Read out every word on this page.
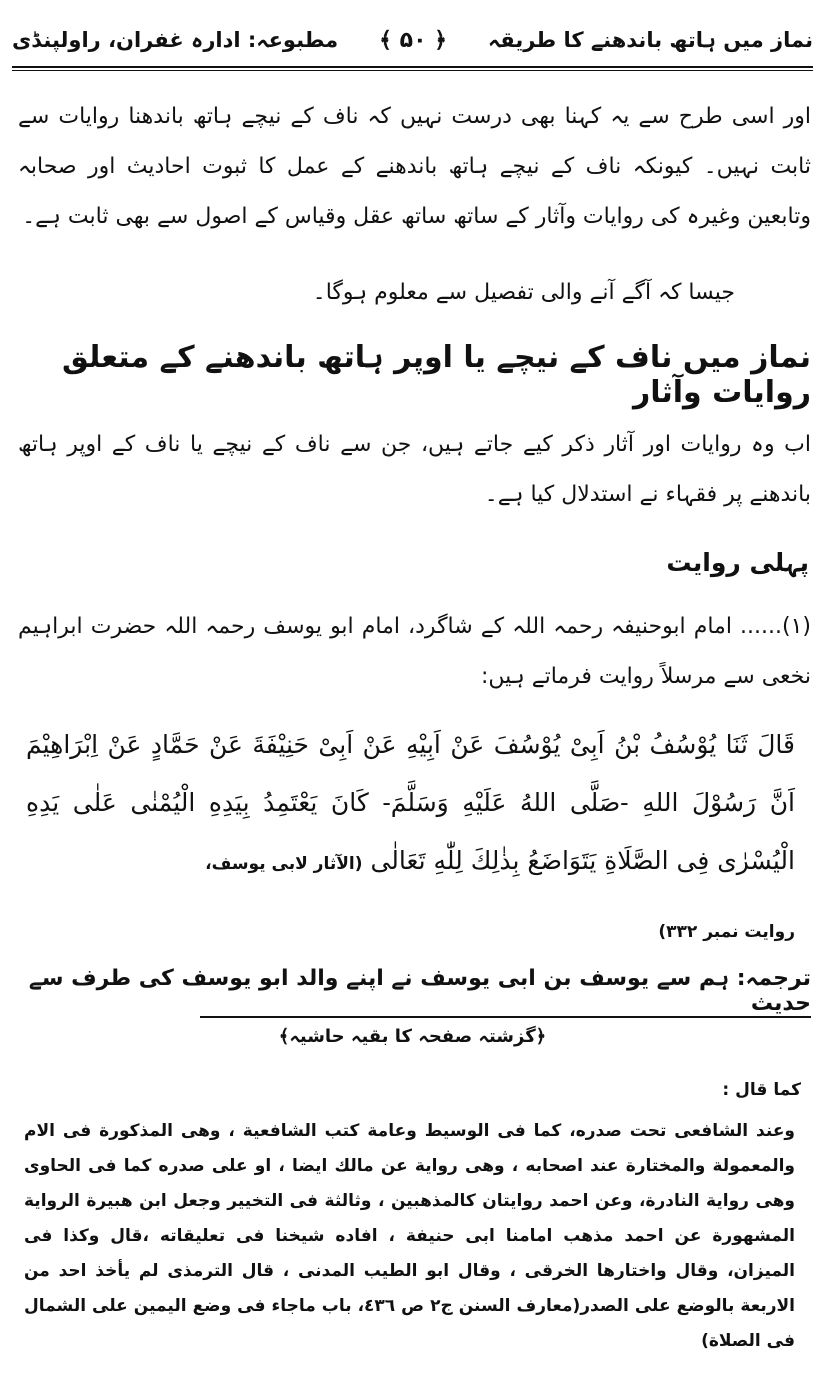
نماز میں ہاتھ باندھنے کا طریقہ
﴿ ۵۰ ﴾
مطبوعہ: ادارہ غفران، راولپنڈی
اور اسی طرح سے یہ کہنا بھی درست نہیں کہ ناف کے نیچے ہاتھ باندھنا روایات سے ثابت نہیں۔ کیونکہ ناف کے نیچے ہاتھ باندھنے کے عمل کا ثبوت احادیث اور صحابہ وتابعین وغیرہ کی روایات وآثار کے ساتھ ساتھ عقل وقیاس کے اصول سے بھی ثابت ہے۔
جیسا کہ آگے آنے والی تفصیل سے معلوم ہوگا۔
نماز میں ناف کے نیچے یا اوپر ہاتھ باندھنے کے متعلق روایات وآثار
اب وہ روایات اور آثار ذکر کیے جاتے ہیں، جن سے ناف کے نیچے یا ناف کے اوپر ہاتھ باندھنے پر فقہاء نے استدلال کیا ہے۔
پہلی روایت
(۱)...... امام ابوحنیفہ رحمہ اللہ کے شاگرد، امام ابو یوسف رحمہ اللہ حضرت ابراہیم نخعی سے مرسلاً روایت فرماتے ہیں:
قَالَ ثَنَا يُوْسُفُ بْنُ اَبِیْ يُوْسُفَ عَنْ اَبِيْهِ عَنْ اَبِیْ حَنِيْفَةَ عَنْ حَمَّادٍ عَنْ اِبْرَاهِيْمَ اَنَّ رَسُوْلَ اللهِ -صَلَّى اللهُ عَلَيْهِ وَسَلَّمَ- كَانَ يَعْتَمِدُ بِيَدِهِ الْيُمْنٰى عَلٰى يَدِهِ الْيُسْرٰى فِی الصَّلَاةِ يَتَوَاضَعُ بِذٰلِكَ لِلّٰهِ تَعَالٰى (الآثار لابی یوسف،
روایت نمبر ۳۳۲)
ترجمہ: ہم سے یوسف بن ابی یوسف نے اپنے والد ابو یوسف کی طرف سے حدیث
﴿گزشتہ صفحہ کا بقیہ حاشیہ﴾
كما قال :
وعند الشافعی تحت صدره، كما فی الوسيط وعامة كتب الشافعية ، وهی المذكورة فی الام والمعمولة والمختارة عند اصحابه ، وهی رواية عن مالك ايضا ، او علی صدره كما فی الحاوی وهی رواية النادرة، وعن احمد روايتان كالمذهبين ، وثالثة فی التخيير وجعل ابن هبيرة الرواية المشهورة عن احمد مذهب امامنا ابی حنيفة ، افاده شيخنا فی تعليقاته ،قال وكذا فی الميزان، وقال واختارها الخرقی ، وقال ابو الطيب المدنی ، قال الترمذی لم يأخذ احد من الاربعة بالوضع علی الصدر(معارف السنن ج٢ ص ٤٣٦، باب ماجاء فی وضع اليمين علی الشمال فی الصلاة)
